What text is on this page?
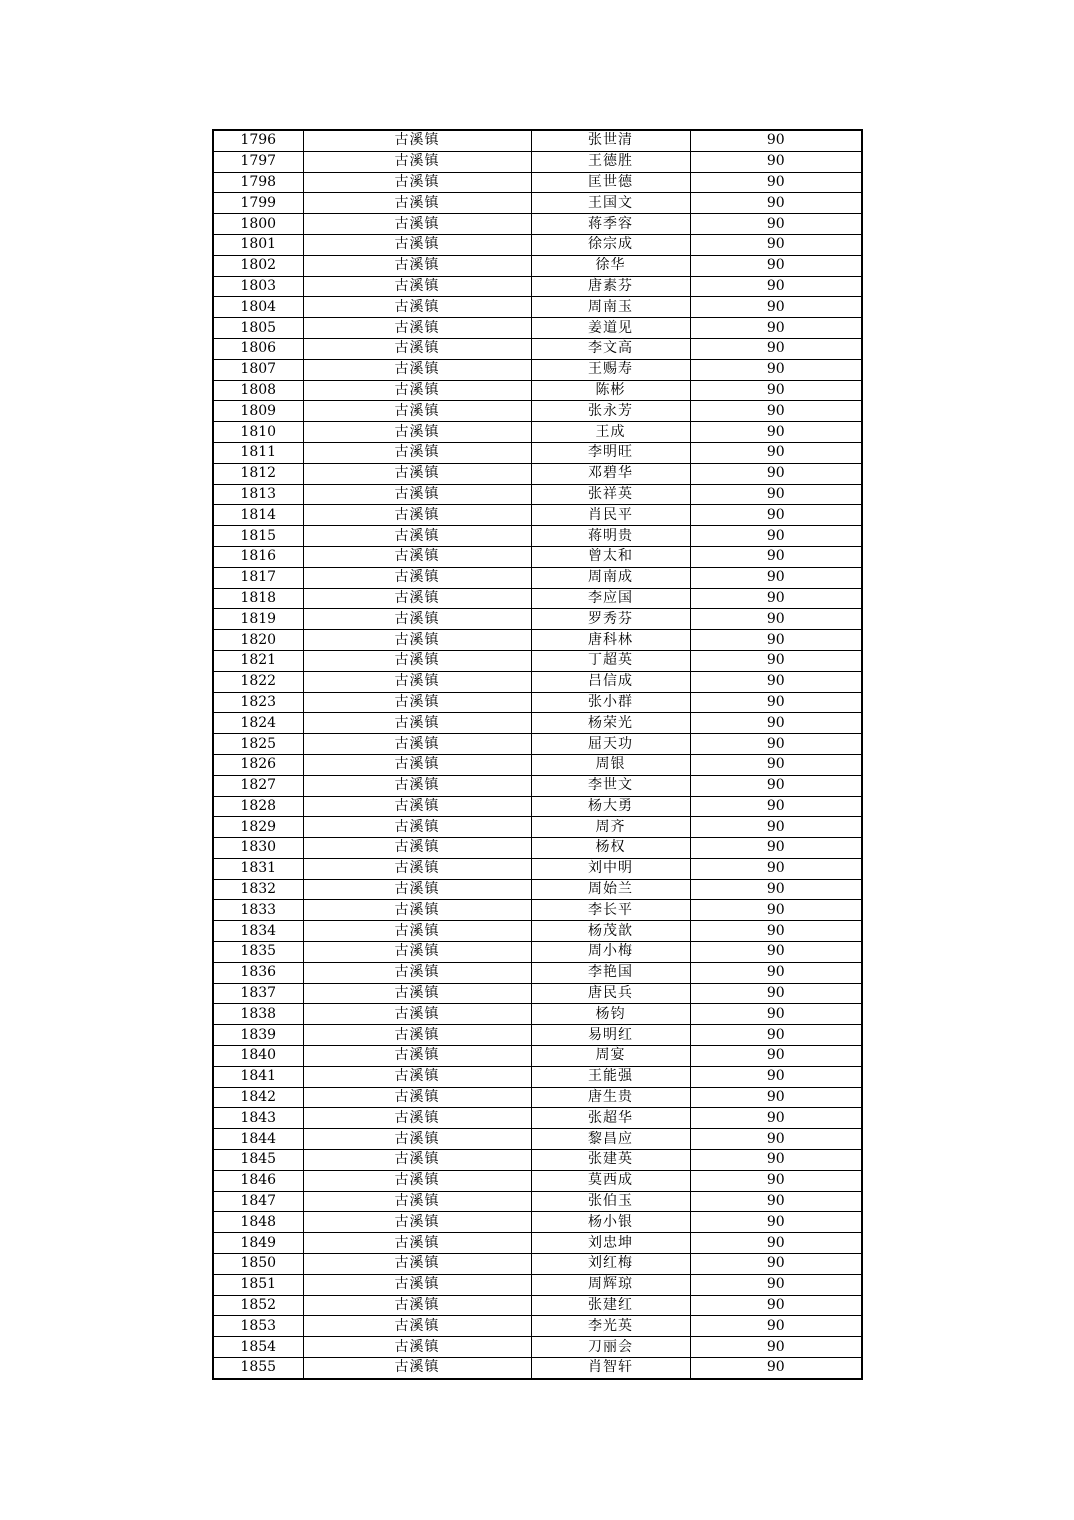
1796	古溪镇	张世清	90
1797	古溪镇	王德胜	90
1798	古溪镇	匡世德	90
1799	古溪镇	王国文	90
1800	古溪镇	蒋季容	90
1801	古溪镇	徐宗成	90
1802	古溪镇	徐华	90
1803	古溪镇	唐素芬	90
1804	古溪镇	周南玉	90
1805	古溪镇	姜道见	90
1806	古溪镇	李文高	90
1807	古溪镇	王赐寿	90
1808	古溪镇	陈彬	90
1809	古溪镇	张永芳	90
1810	古溪镇	王成	90
1811	古溪镇	李明旺	90
1812	古溪镇	邓碧华	90
1813	古溪镇	张祥英	90
1814	古溪镇	肖民平	90
1815	古溪镇	蒋明贵	90
1816	古溪镇	曾太和	90
1817	古溪镇	周南成	90
1818	古溪镇	李应国	90
1819	古溪镇	罗秀芬	90
1820	古溪镇	唐科林	90
1821	古溪镇	丁超英	90
1822	古溪镇	吕信成	90
1823	古溪镇	张小群	90
1824	古溪镇	杨荣光	90
1825	古溪镇	屈天功	90
1826	古溪镇	周银	90
1827	古溪镇	李世文	90
1828	古溪镇	杨大勇	90
1829	古溪镇	周齐	90
1830	古溪镇	杨权	90
1831	古溪镇	刘中明	90
1832	古溪镇	周始兰	90
1833	古溪镇	李长平	90
1834	古溪镇	杨茂歆	90
1835	古溪镇	周小梅	90
1836	古溪镇	李艳国	90
1837	古溪镇	唐民兵	90
1838	古溪镇	杨钧	90
1839	古溪镇	易明红	90
1840	古溪镇	周宴	90
1841	古溪镇	王能强	90
1842	古溪镇	唐生贵	90
1843	古溪镇	张超华	90
1844	古溪镇	黎昌应	90
1845	古溪镇	张建英	90
1846	古溪镇	莫西成	90
1847	古溪镇	张伯玉	90
1848	古溪镇	杨小银	90
1849	古溪镇	刘忠坤	90
1850	古溪镇	刘红梅	90
1851	古溪镇	周辉琼	90
1852	古溪镇	张建红	90
1853	古溪镇	李光英	90
1854	古溪镇	刀丽会	90
1855	古溪镇	肖智轩	90
